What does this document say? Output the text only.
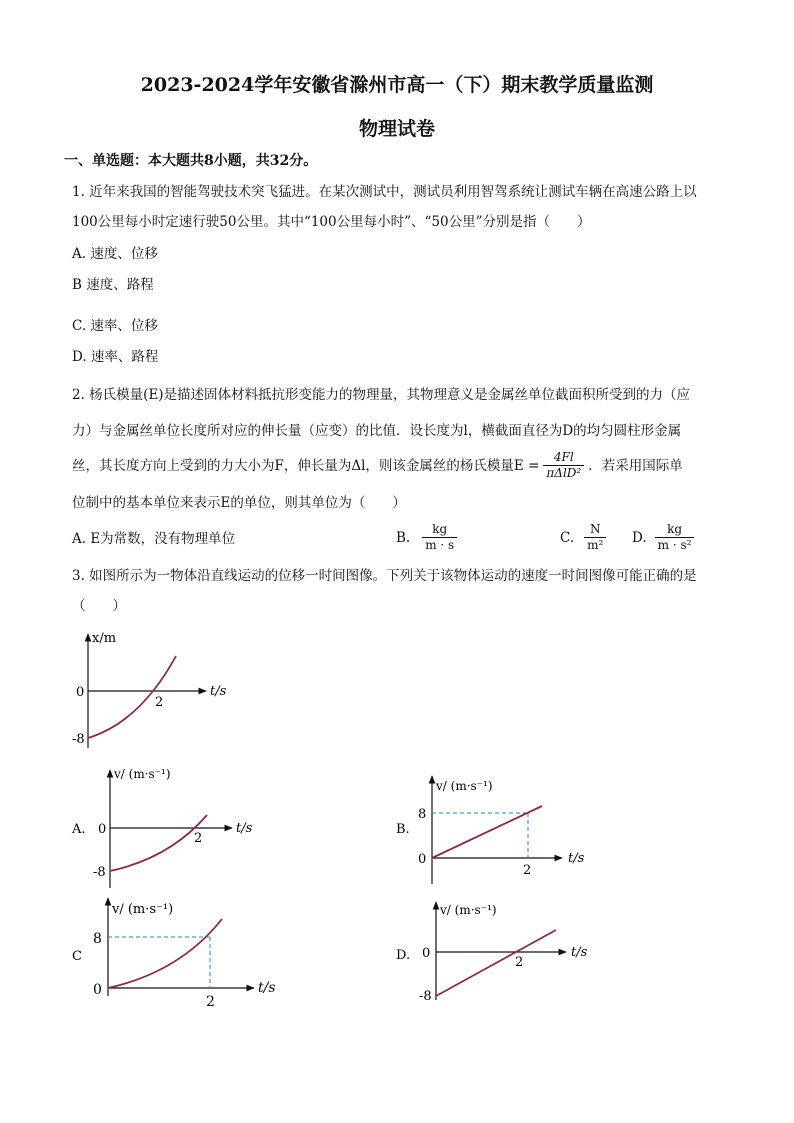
2023-2024学年安徽省滁州市高一（下）期末教学质量监测
物理试卷
一、单选题：本大题共8小题，共32分。
1. 近年来我国的智能驾驶技术突飞猛进。在某次测试中，测试员利用智驾系统让测试车辆在高速公路上以
100公里每小时定速行驶50公里。其中“100公里每小时”、“50公里”分别是指（　　）
A. 速度、位移
B 速度、路程
C. 速率、位移
D. 速率、路程
2. 杨氏模量(E)是描述固体材料抵抗形变能力的物理量，其物理意义是金属丝单位截面积所受到的力（应
力）与金属丝单位长度所对应的伸长量（应变）的比值．设长度为l，横截面直径为D的均匀圆柱形金属
丝，其长度方向上受到的力大小为F，伸长量为Δl，则该金属丝的杨氏模量$E = \frac{4Fl}{\text{πΔlD²}}$ ．若采用国际单
位制中的基本单位来表示E的单位，则其单位为（　　）
A. E为常数，没有物理单位	B. $\frac{kg}{m \cdot s}$	C. $\frac{N}{\text{m²}} D$. $\frac{kg}{\text{m · s²}}$
3. 如图所示为一物体沿直线运动的位移一时间图像。下列关于该物体运动的速度一时间图像可能正确的是
（　　）
x/m
t/s
0
2
-8
A.
v/ (m·s⁻¹)
t/s
0
2
-8
B.
v/ (m·s⁻¹)
t/s
0
2
8
C
v/ (m·s⁻¹)
t/s
0
2
8
D.
v/ (m·s⁻¹)
t/s
0
2
-8
